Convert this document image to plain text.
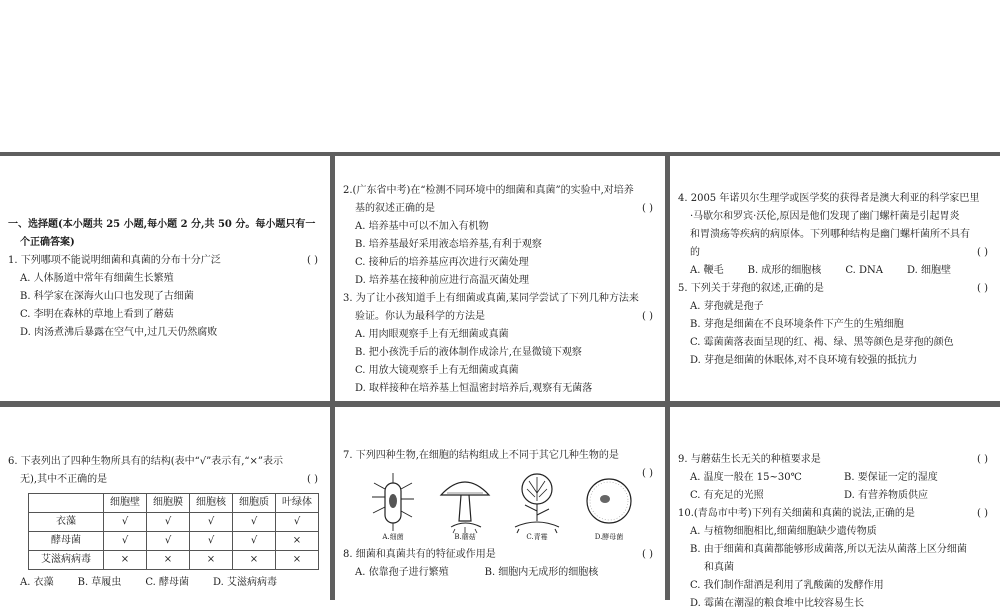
一、选择题(本小题共 25 小题,每小题 2 分,共 50 分。每小题只有一
个正确答案)
1. 下列哪项不能说明细菌和真菌的分布十分广泛	( )
A. 人体肠道中常年有细菌生长繁殖
B. 科学家在深海火山口也发现了古细菌
C. 李明在森林的草地上看到了蘑菇
D. 肉汤煮沸后暴露在空气中,过几天仍然腐败
2.(广东省中考)在“检测不同环境中的细菌和真菌”的实验中,对培养
基的叙述正确的是	( )
A. 培养基中可以不加入有机物
B. 培养基最好采用液态培养基,有利于观察
C. 接种后的培养基应再次进行灭菌处理
D. 培养基在接种前应进行高温灭菌处理
3. 为了让小孩知道手上有细菌或真菌,某同学尝试了下列几种方法来
验证。你认为最科学的方法是	( )
A. 用肉眼观察手上有无细菌或真菌
B. 把小孩洗手后的液体制作成涂片,在显微镜下观察
C. 用放大镜观察手上有无细菌或真菌
D. 取样接种在培养基上恒温密封培养后,观察有无菌落
4. 2005 年诺贝尔生理学或医学奖的获得者是澳大利亚的科学家巴里
·马歇尔和罗宾·沃伦,原因是他们发现了幽门螺杆菌是引起胃炎
和胃溃疡等疾病的病原体。下列哪种结构是幽门螺杆菌所不具有
的	( )
A. 鞭毛 B. 成形的细胞核 C. DNA D. 细胞壁
5. 下列关于芽孢的叙述,正确的是	( )
A. 芽孢就是孢子
B. 芽孢是细菌在不良环境条件下产生的生殖细胞
C. 霉菌菌落表面呈现的红、褐、绿、黑等颜色是芽孢的颜色
D. 芽孢是细菌的休眠体,对不良环境有较强的抵抗力
6. 下表列出了四种生物所具有的结构(表中“√”表示有,“×”表示
无),其中不正确的是	( )
	细胞壁	细胞膜	细胞核	细胞质	叶绿体
衣藻	√	√	√	√	√
酵母菌	√	√	√	√	×
艾滋病病毒	×	×	×	×	×
A. 衣藻 B. 草履虫 C. 酵母菌 D. 艾滋病病毒
7. 下列四种生物,在细胞的结构组成上不同于其它几种生物的是
( )
A.细菌	B.蘑菇	C.青霉	D.酵母菌
8. 细菌和真菌共有的特征或作用是	( )
A. 依靠孢子进行繁殖	B. 细胞内无成形的细胞核
9. 与蘑菇生长无关的种植要求是	( )
A. 温度一般在 15~30℃	B. 要保证一定的湿度
C. 有充足的光照	D. 有营养物质供应
10.(青岛市中考)下列有关细菌和真菌的说法,正确的是	( )
A. 与植物细胞相比,细菌细胞缺少遗传物质
B. 由于细菌和真菌都能够形成菌落,所以无法从菌落上区分细菌
和真菌
C. 我们制作甜酒是利用了乳酸菌的发酵作用
D. 霉菌在潮湿的粮食堆中比较容易生长
